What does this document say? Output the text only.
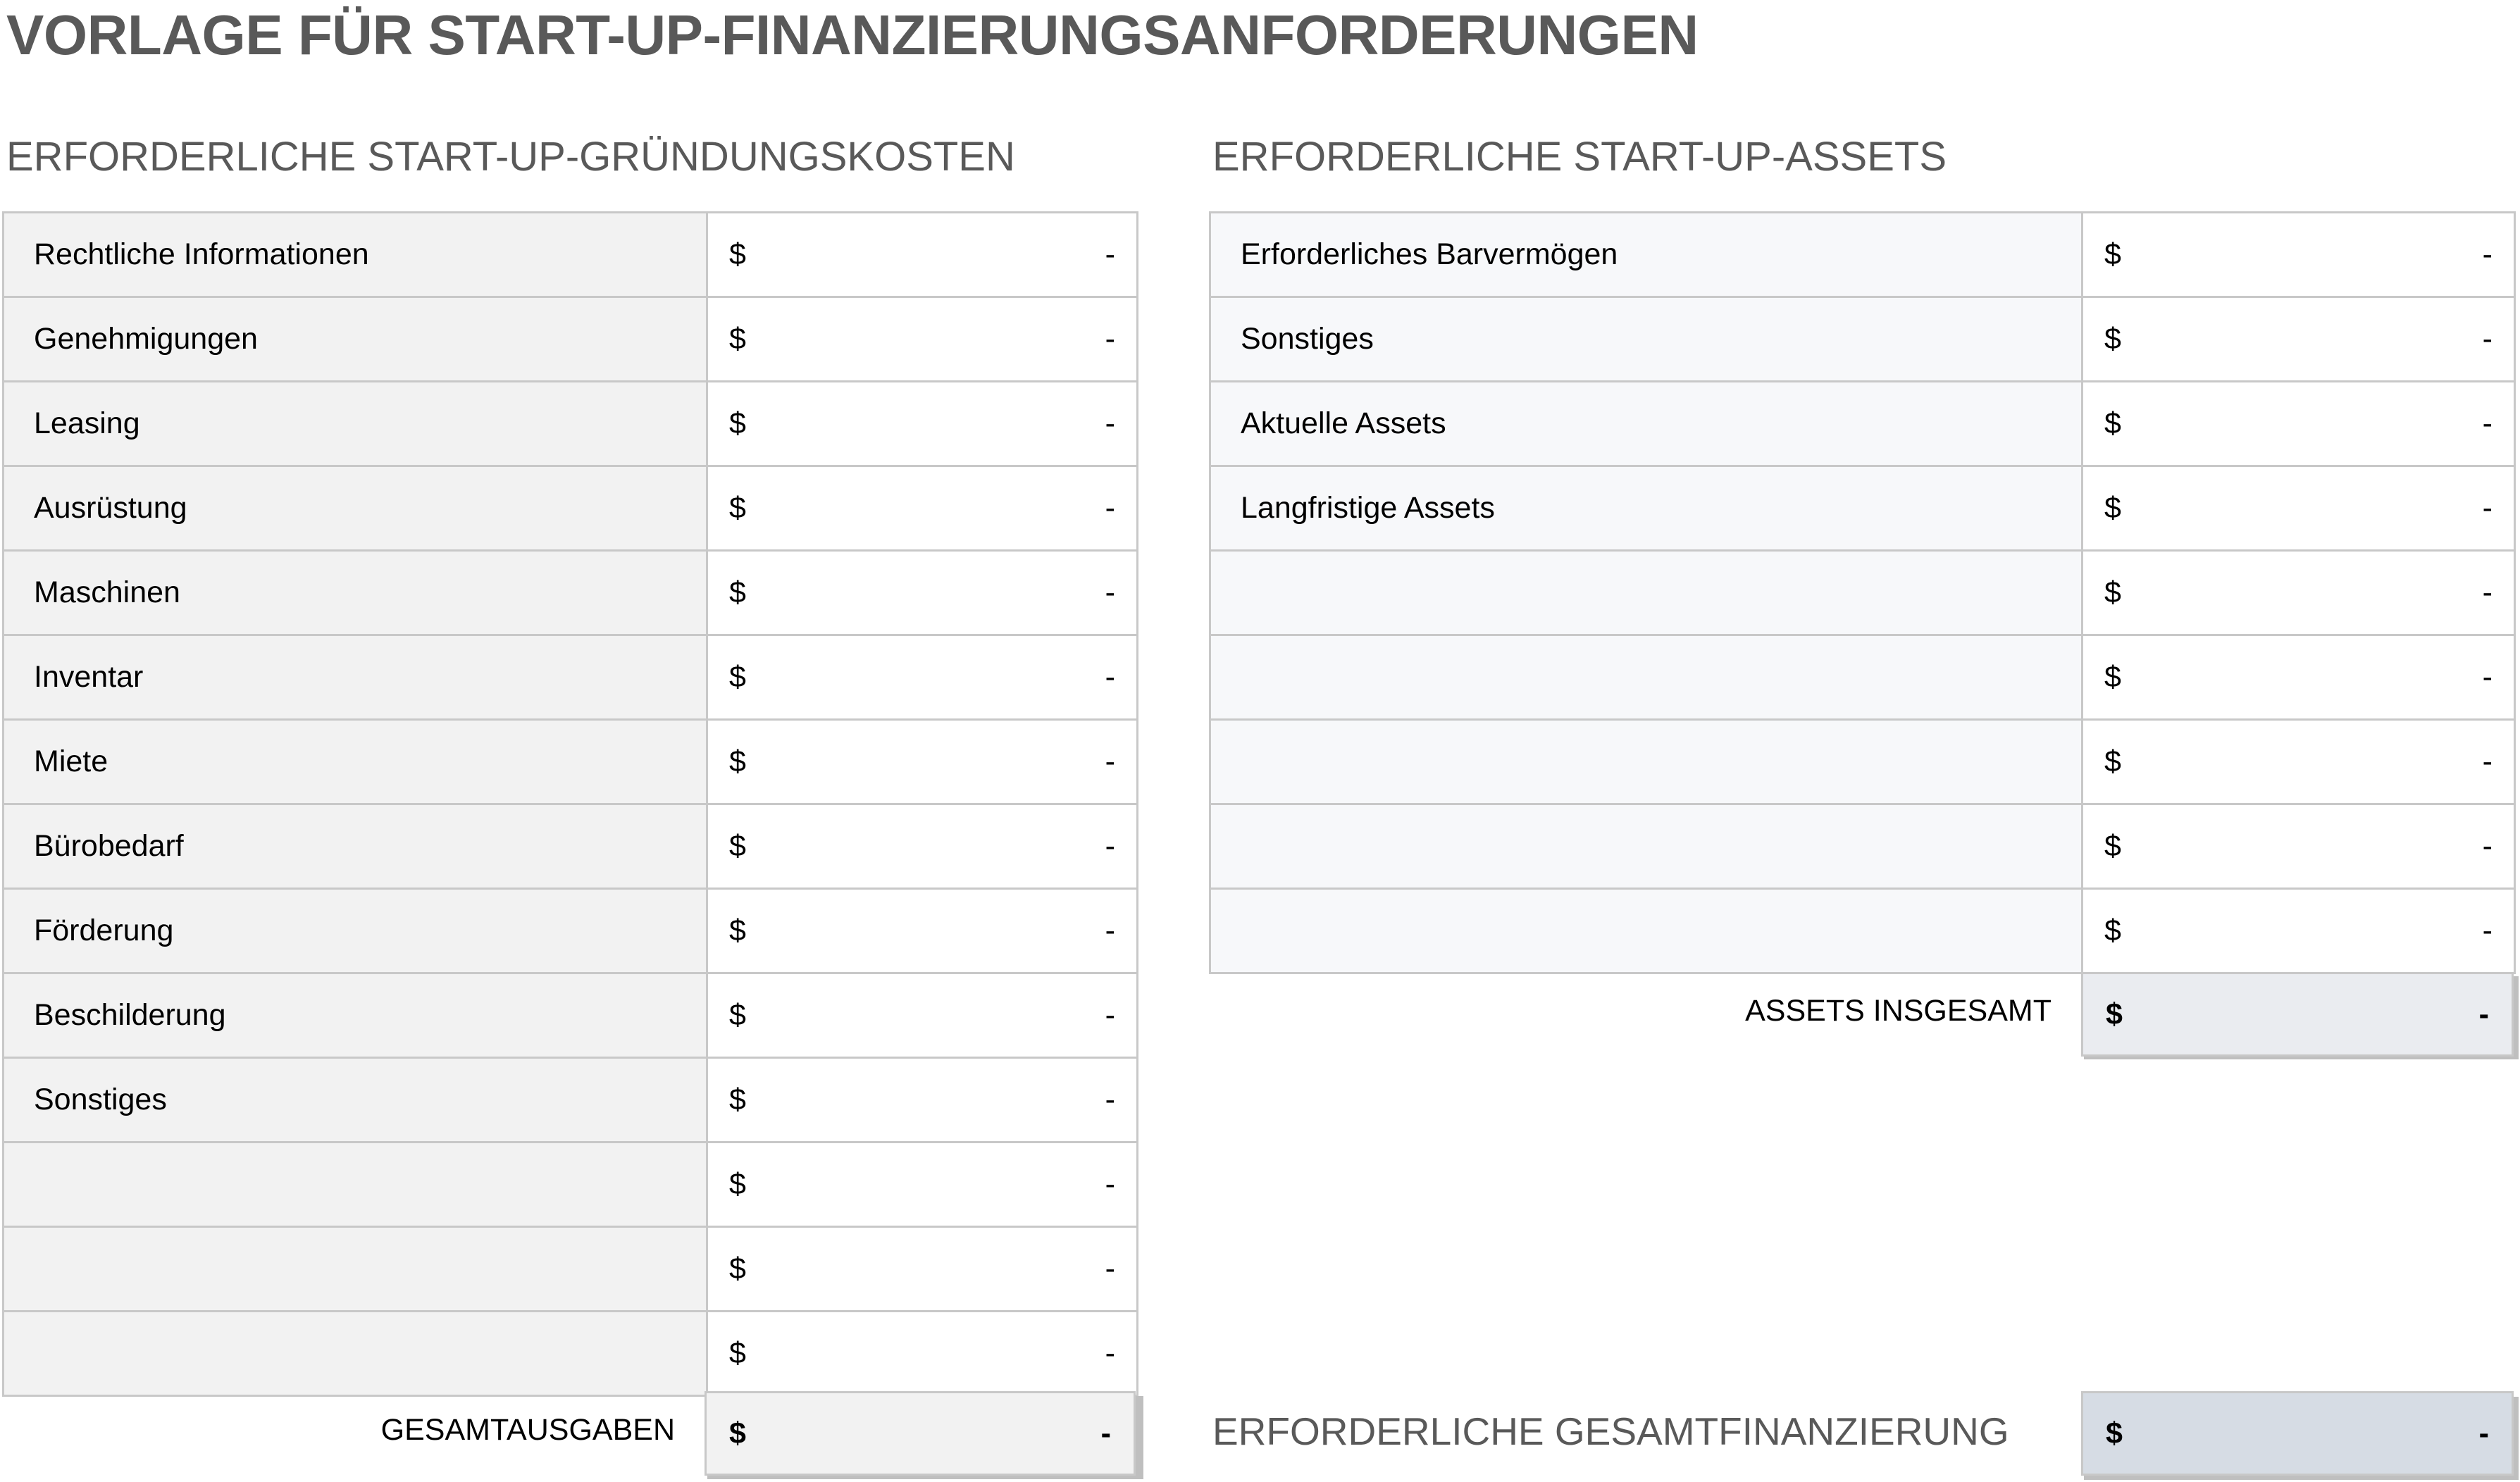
VORLAGE FÜR START-UP-FINANZIERUNGSANFORDERUNGEN
ERFORDERLICHE START-UP-GRÜNDUNGSKOSTEN
Rechtliche Informationen	$ -

Genehmigungen	$ -

Leasing	$ -

Ausrüstung	$ -

Maschinen	$ -

Inventar	$ -

Miete	$ -

Bürobedarf	$ -

Förderung	$ -

Beschilderung	$ -

Sonstiges	$ -

	$ -

	$ -

	$ -
GESAMTAUSGABEN $	-
ERFORDERLICHE START-UP-ASSETS
Erforderliches Barvermögen	$ -

Sonstiges	$ -

Aktuelle Assets	$ -

Langfristige Assets	$ -

	$ -

	$ -

	$ -

	$ -

	$ -
ASSETS INSGESAMT $	-
ERFORDERLICHE GESAMTFINANZIERUNG	$	-
